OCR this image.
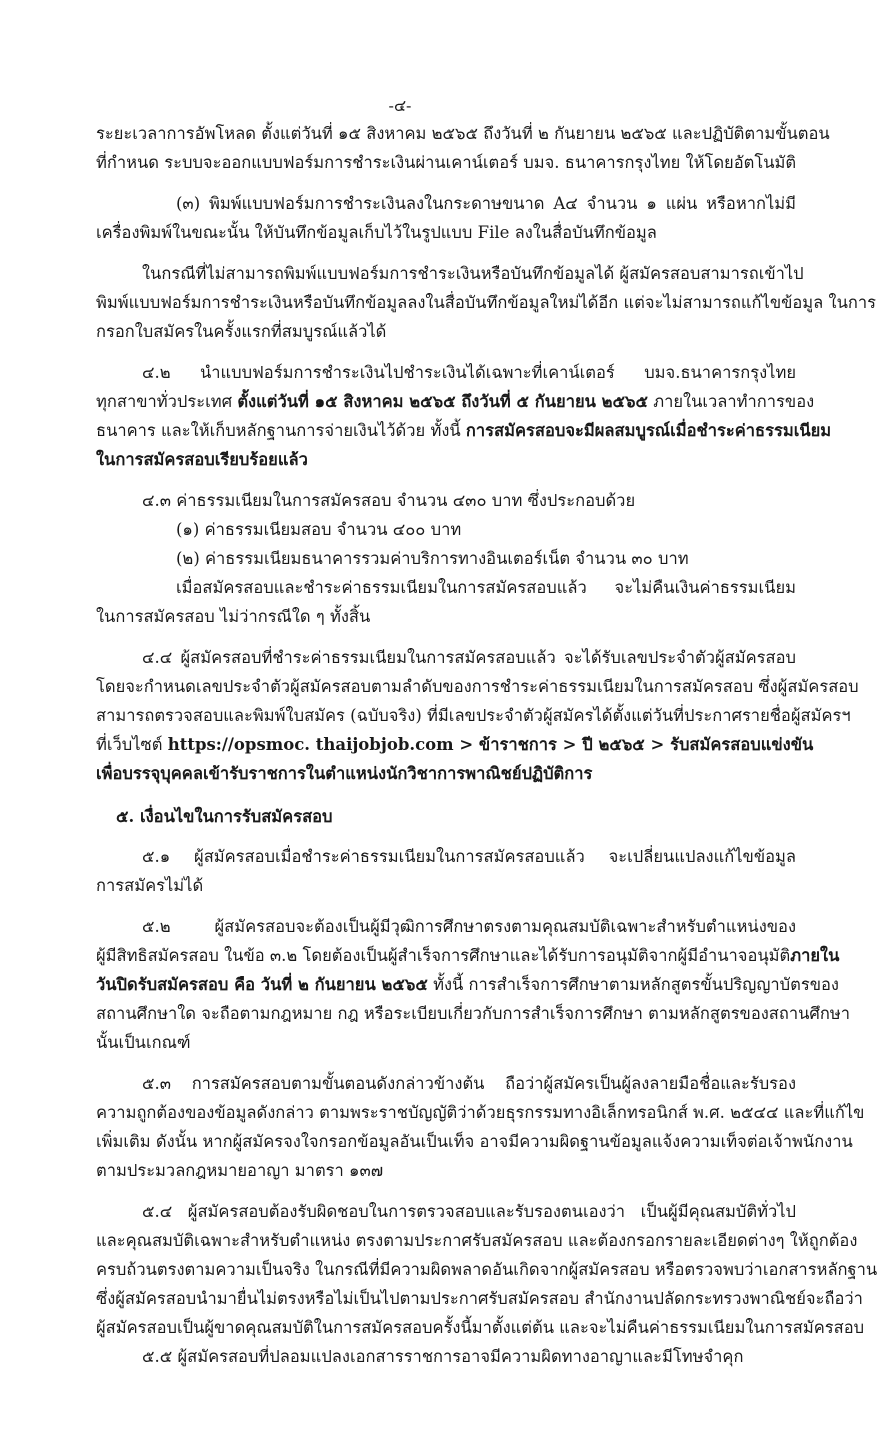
-๔-
ระยะเวลาการอัพโหลด ตั้งแต่วันที่ ๑๕ สิงหาคม ๒๕๖๕ ถึงวันที่ ๒ กันยายน ๒๕๖๕ และปฏิบัติตามขั้นตอน
ที่กำหนด ระบบจะออกแบบฟอร์มการชำระเงินผ่านเคาน์เตอร์ บมจ. ธนาคารกรุงไทย ให้โดยอัตโนมัติ
(๓) พิมพ์แบบฟอร์มการชำระเงินลงในกระดาษขนาด A๔ จำนวน ๑ แผ่น หรือหากไม่มี
เครื่องพิมพ์ในขณะนั้น ให้บันทึกข้อมูลเก็บไว้ในรูปแบบ File ลงในสื่อบันทึกข้อมูล
ในกรณีที่ไม่สามารถพิมพ์แบบฟอร์มการชำระเงินหรือบันทึกข้อมูลได้ ผู้สมัครสอบสามารถเข้าไป
พิมพ์แบบฟอร์มการชำระเงินหรือบันทึกข้อมูลลงในสื่อบันทึกข้อมูลใหม่ได้อีก แต่จะไม่สามารถแก้ไขข้อมูล ในการ
กรอกใบสมัครในครั้งแรกที่สมบูรณ์แล้วได้
๔.๒ นำแบบฟอร์มการชำระเงินไปชำระเงินได้เฉพาะที่เคาน์เตอร์ บมจ.ธนาคารกรุงไทย
ทุกสาขาทั่วประเทศ ตั้งแต่วันที่ ๑๕ สิงหาคม ๒๕๖๕ ถึงวันที่ ๕ กันยายน ๒๕๖๕ ภายในเวลาทำการของ
ธนาคาร และให้เก็บหลักฐานการจ่ายเงินไว้ด้วย ทั้งนี้ การสมัครสอบจะมีผลสมบูรณ์เมื่อชำระค่าธรรมเนียม
ในการสมัครสอบเรียบร้อยแล้ว
๔.๓ ค่าธรรมเนียมในการสมัครสอบ จำนวน ๔๓๐ บาท ซึ่งประกอบด้วย
(๑) ค่าธรรมเนียมสอบ จำนวน ๔๐๐ บาท
(๒) ค่าธรรมเนียมธนาคารรวมค่าบริการทางอินเตอร์เน็ต จำนวน ๓๐ บาท
เมื่อสมัครสอบและชำระค่าธรรมเนียมในการสมัครสอบแล้ว จะไม่คืนเงินค่าธรรมเนียม
ในการสมัครสอบ ไม่ว่ากรณีใด ๆ ทั้งสิ้น
๔.๔ ผู้สมัครสอบที่ชำระค่าธรรมเนียมในการสมัครสอบแล้ว จะได้รับเลขประจำตัวผู้สมัครสอบ
โดยจะกำหนดเลขประจำตัวผู้สมัครสอบตามลำดับของการชำระค่าธรรมเนียมในการสมัครสอบ ซึ่งผู้สมัครสอบ
สามารถตรวจสอบและพิมพ์ใบสมัคร (ฉบับจริง) ที่มีเลขประจำตัวผู้สมัครได้ตั้งแต่วันที่ประกาศรายชื่อผู้สมัครฯ
ที่เว็บไซต์ https://opsmoc. thaijobjob.com > ข้าราชการ > ปี ๒๕๖๕ > รับสมัครสอบแข่งขัน
เพื่อบรรจุบุคคลเข้ารับราชการในตำแหน่งนักวิชาการพาณิชย์ปฏิบัติการ
๕. เงื่อนไขในการรับสมัครสอบ
๕.๑ ผู้สมัครสอบเมื่อชำระค่าธรรมเนียมในการสมัครสอบแล้ว จะเปลี่ยนแปลงแก้ไขข้อมูล
การสมัครไม่ได้
๕.๒ ผู้สมัครสอบจะต้องเป็นผู้มีวุฒิการศึกษาตรงตามคุณสมบัติเฉพาะสำหรับตำแหน่งของ
ผู้มีสิทธิสมัครสอบ ในข้อ ๓.๒ โดยต้องเป็นผู้สำเร็จการศึกษาและได้รับการอนุมัติจากผู้มีอำนาจอนุมัติภายใน
วันปิดรับสมัครสอบ คือ วันที่ ๒ กันยายน ๒๕๖๕ ทั้งนี้ การสำเร็จการศึกษาตามหลักสูตรขั้นปริญญาบัตรของ
สถานศึกษาใด จะถือตามกฎหมาย กฎ หรือระเบียบเกี่ยวกับการสำเร็จการศึกษา ตามหลักสูตรของสถานศึกษา
นั้นเป็นเกณฑ์
๕.๓ การสมัครสอบตามขั้นตอนดังกล่าวข้างต้น ถือว่าผู้สมัครเป็นผู้ลงลายมือชื่อและรับรอง
ความถูกต้องของข้อมูลดังกล่าว ตามพระราชบัญญัติว่าด้วยธุรกรรมทางอิเล็กทรอนิกส์ พ.ศ. ๒๕๔๔ และที่แก้ไข
เพิ่มเติม ดังนั้น หากผู้สมัครจงใจกรอกข้อมูลอันเป็นเท็จ อาจมีความผิดฐานข้อมูลแจ้งความเท็จต่อเจ้าพนักงาน
ตามประมวลกฎหมายอาญา มาตรา ๑๓๗
๕.๔ ผู้สมัครสอบต้องรับผิดชอบในการตรวจสอบและรับรองตนเองว่า เป็นผู้มีคุณสมบัติทั่วไป
และคุณสมบัติเฉพาะสำหรับตำแหน่ง ตรงตามประกาศรับสมัครสอบ และต้องกรอกรายละเอียดต่างๆ ให้ถูกต้อง
ครบถ้วนตรงตามความเป็นจริง ในกรณีที่มีความผิดพลาดอันเกิดจากผู้สมัครสอบ หรือตรวจพบว่าเอกสารหลักฐาน
ซึ่งผู้สมัครสอบนำมายื่นไม่ตรงหรือไม่เป็นไปตามประกาศรับสมัครสอบ สำนักงานปลัดกระทรวงพาณิชย์จะถือว่า
ผู้สมัครสอบเป็นผู้ขาดคุณสมบัติในการสมัครสอบครั้งนี้มาตั้งแต่ต้น และจะไม่คืนค่าธรรมเนียมในการสมัครสอบ
๕.๕ ผู้สมัครสอบที่ปลอมแปลงเอกสารราชการอาจมีความผิดทางอาญาและมีโทษจำคุก
